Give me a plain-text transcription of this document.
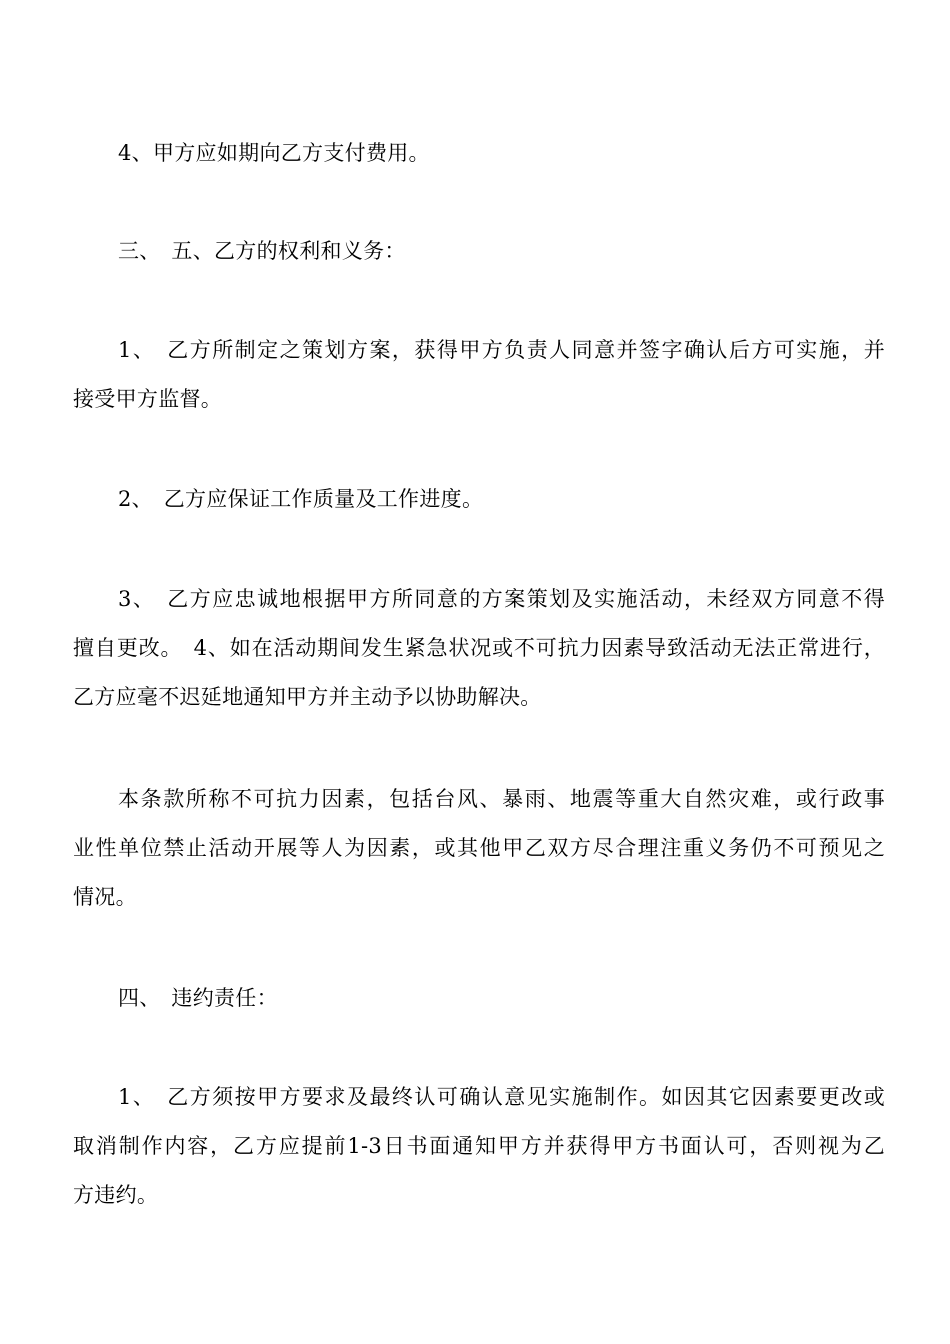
4、甲方应如期向乙方支付费用。
三、　五、乙方的权利和义务：
1、　乙方所制定之策划方案，获得甲方负责人同意并签字确认后方可实施，并
接受甲方监督。
2、　乙方应保证工作质量及工作进度。
3、　乙方应忠诚地根据甲方所同意的方案策划及实施活动，未经双方同意不得
擅自更改。　4、如在活动期间发生紧急状况或不可抗力因素导致活动无法正常进行，
乙方应毫不迟延地通知甲方并主动予以协助解决。
本条款所称不可抗力因素，包括台风、暴雨、地震等重大自然灾难，或行政事
业性单位禁止活动开展等人为因素，或其他甲乙双方尽合理注重义务仍不可预见之
情况。
四、　违约责任：
1、　乙方须按甲方要求及最终认可确认意见实施制作。如因其它因素要更改或
取消制作内容，乙方应提前1-3日书面通知甲方并获得甲方书面认可，否则视为乙
方违约。
